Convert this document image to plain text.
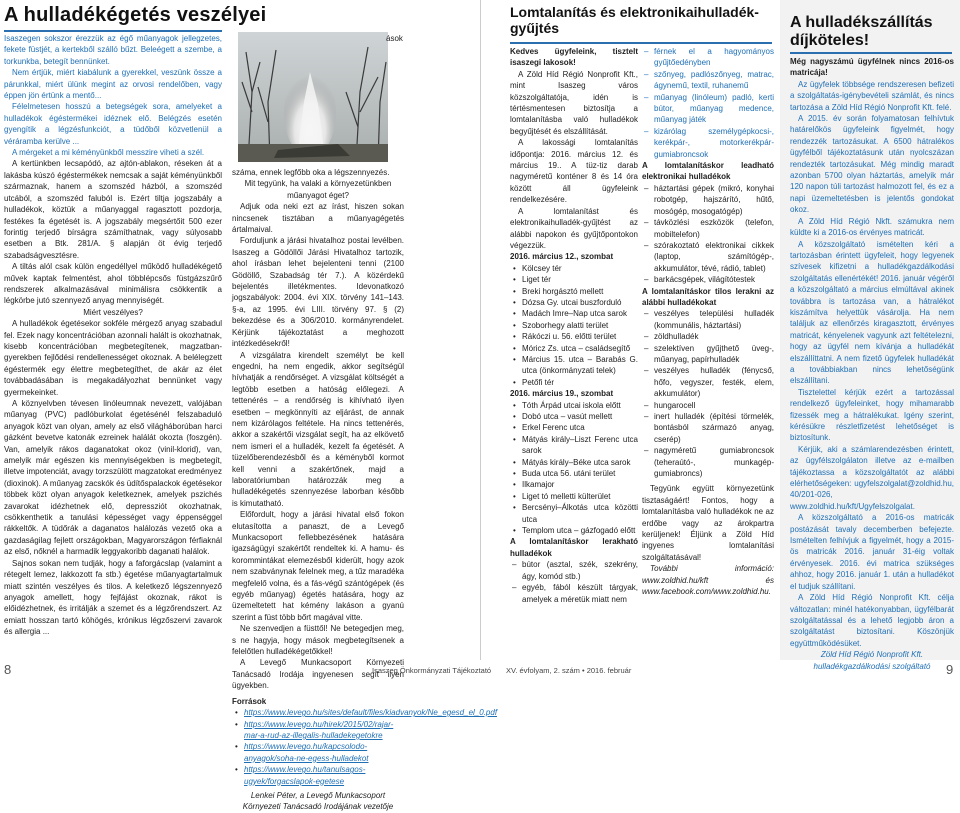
A hulladékégetés veszélyei

Isaszegen sokszor érezzük az égő műanyagok jellegzetes, fekete füstjét, a kertekből szálló bűzt. Beleégett a szembe, a torkunkba, betegít bennünket.

Nem értjük, miért kiabálunk a gyerekkel, veszünk össze a párunkkal, miért ülünk megint az orvosi rendelőben, vagy éppen jön értünk a mentő...

Félelmetesen hosszú a betegségek sora, amelyeket a hulladékok égéstermékei idéznek elő. Belégzés esetén gyengítik a légzésfunkciót, a tüdőből közvetlenül a véráramba kerülve ...

A mérgeket a mi kéményünkből messzire viheti a szél.

A kertünkben lecsapódó, az ajtón-ablakon, réseken át a lakásba kúszó égéstermékek nemcsak a saját kéményünkből származnak, hanem a szomszéd házból, a szomszéd utcából, a szomszéd faluból is. Ezért tiltja jogszabály a hulladékok, köztük a műanyaggal ragasztott pozdorja, festékes fa égetését is. A jogszabály megsértőit 500 ezer forintig terjedő bírságra számíthatnak, vagy súlyosabb esetben a Btk. 281/A. § alapján öt évig terjedő szabadságvesztésre.

A tiltás alól csak külön engedéllyel működő hulladékégető művek kaptak felmentést, ahol többlépcsős füstgázszűrő rendszerek alkalmazásával minimálisra csökkentik a légkörbe jutó szennyező anyag mennyiségét.

Miért veszélyes?

A hulladékok égetésekor sokféle mérgező anyag szabadul fel. Ezek nagy koncentrációban azonnali halált is okozhatnak, kisebb koncentrációban megbetegítenek, magzatban-gyerekben fejlődési rendellenességet okoznak. A belélegzett égéstermék egy élettre megbetegíthet, de akár az élet továbbadásában is megakadályozhat bennünket vagy gyermekeinket.

A köznyelvben tévesen linóleumnak nevezett, valójában műanyag (PVC) padlóburkolat égetésénél felszabaduló anyagok közt van olyan, amely az első világháborúban harci gázként bevetve katonák ezreinek halálát okozta (foszgén). Van, amelyik rákos daganatokat okoz (vinil-klorid), van, amelyik már egészen kis mennyiségekben is megbetegít, illetve impotenciát, avagy torzszülött magzatokat eredményez (dioxinok). A műanyag zacskók és üdítőspalackok égetésekor többek közt olyan anyagok keletkeznek, amelyek pszichés zavarokat idézhetnek elő, depressziót okozhatnak, csökkenthetik a tanulási képességet vagy éppenséggel rákkeltők. A tüdőrák a daganatos halálozás vezető oka a gazdaságilag fejlett országokban, Magyarországon férfiaknál az első, nőknél a harmadik leggyakoribb daganati halálok.

Sajnos sokan nem tudják, hogy a faforgácslap (valamint a rétegelt lemez, lakkozott fa stb.) égetése műanyagtartalmuk miatt szintén veszélyes és tilos. A keletkező légszennyező anyagok amellett, hogy fejfájást okoznak, rákot is előidézhetnek, és irritálják a szemet és a légzőrendszert. Az emiatt hosszan tartó köhögés, krónikus légzőszervi zavarok és allergia ...

ások száma, ennek legfőbb oka a légszennyezés.

Mit tegyünk, ha valaki a környezetünkben műanyagot éget?

Adjuk oda neki ezt az írást, hiszen sokan nincsenek tisztában a műanyagégetés ártalmaival.

Forduljunk a járási hivatalhoz postai levélben. Isaszeg a Gödöllői Járási Hivatalhoz tartozik, ahol írásban lehet bejelenteni tenni (2100 Gödöllő, Szabadság tér 7.). A közérdekű bejelentés illetékmentes. Idevonatkozó jogszabályok: 2004. évi XIX. törvény 141–143. §-a, az 1995. évi LIII. törvény 97. § (2) bekezdése és a 306/2010. kormányrendelet. Kérjünk tájékoztatást a meghozott intézkedésekről!

A vizsgálatra kirendelt személyt be kell engedni, ha nem engedik, akkor segítségül hívhatják a rendőrséget. A vizsgálat költségét a legtöbb esetben a hatóság előlegezi. A tettenérés – a rendőrség is kihívható ilyen esetben – megkönnyíti az eljárást, de annak nem kizárólagos feltétele. Ha nincs tettenérés, akkor a szakértői vizsgálat segít, ha az elkövető nem ismeri el a hulladék, kezelt fa égetését. A tüzelőberendezésből és a kéményből kormot kell venni a szakértőnek, majd a laboratóriumban határozzák meg a hulladékégetés szennyezése laborban később is kimutatható.

Előfordult, hogy a járási hivatal első fokon elutasította a panaszt, de a Levegő Munkacsoport fellebbezésének hatására igazságügyi szakértőt rendeltek ki. A hamu- és korommintákat elemezésből kiderült, hogy azok nem szabványnak felelnek meg, a tűz maradéka megfelelő volna, és a fás-végű szántógépek (és egyéb műanyag) égetés hatására, hogy az üzemeltetett hat kémény lakáson a gyanú szerint a füst több bőrt magával vitte.

Ne szenvedjen a füsttől! Ne betegedjen meg, s ne hagyja, hogy mások megbetegítsenek a felelőtlen hulladékégetőkkel!

A Levegő Munkacsoport Környezeti Tanácsadó Irodája ingyenesen segít ilyen ügyekben.

Források

• https://www.levego.hu/sites/default/files/kiadvanyok/Ne_egesd_el_0.pdf
• https://www.levego.hu/hirek/2015/02/rajar-mar-a-rud-az-illegalis-hulladekegetokre
• https://www.levego.hu/kapcsolodo-anyagok/soha-ne-egess-hulladekot
• https://www.levego.hu/tanulsagos-ugyek/forgacslapok-egetese

Lenkei Péter, a Levegő Munkacsoport Környezeti Tanácsadó Irodájának vezetője

8	Isaszeg Önkormányzati Tájékoztató
Lomtalanítás és elektronikaihulladék-gyűjtés

Kedves ügyfeleink, tisztelt isaszegi lakosok!

A Zöld Híd Régió Nonprofit Kft., mint Isaszeg város közszolgáltatója, idén is tértésmentesen biztosítja a lomtalanításba való hulladékok begyűjtését és elszállítását.

A lakossági lomtalanítás időpontja: 2016. március 12. és március 19.. A tüz-tiz darab nagyméretű konténer 8 és 14 óra között áll ügyfeleink rendelkezésére.

A lomtalanítást és elektronikaihulladék-gyűjtést az alábbi napokon és gyűjtőpontokon végezzük.

2016. március 12., szombat

• Kölcsey tér
• Liget tér
• Breki horgásztó mellett
• Dózsa Gy. utcai buszforduló
• Madách Imre–Nap utca sarok
• Szoborhegy alatti terület
• Rákóczi u. 56. előtti terület
• Móricz Zs. utca – családsegítő
• Március 15. utca – Barabás G. utca (önkormányzati telek)
• Petőfi tér

2016. március 19., szombat

• Tóth Árpád utcai iskola előtt
• Dobó utca – vasút mellett
• Erkel Ferenc utca
• Mátyás király–Liszt Ferenc utca sarok
• Mátyás király–Béke utca sarok
• Buda utca 56. utáni terület
• Ilkamajor
• Liget tó melletti külterület
• Bercsényi–Álkotás utca közötti utca
• Templom utca – gázfogadó előtt

A lomtalanításkor lerakható hulladékok

– bútor (asztal, szék, szekrény, ágy, komód stb.)
– egyéb, fából készült tárgyak, amelyek a méretük miatt nem
– férnek el a hagyományos gyűjtőedényben
– szőnyeg, padlószőnyeg, matrac, ágynemű, textil, ruhanemű
– műanyag (linóleum) padló, kerti bútor, műanyag medence, műanyag játék
– kizárólag személygépkocsi-, kerékpár-, motorkerékpár-gumiabroncsok

A lomtalanításkor leadható elektronikai hulladékok

– háztartási gépek (mikró, konyhai robotgép, hajszárító, hűtő, mosógép, mosogatógép)
– távközlési eszközök (telefon, mobiltelefon)
– szórakoztató elektronikai cikkek (laptop, számítógép-, akkumulátor, tévé, rádió, tablet)
– barkácsgépek, világítótestek

A lomtalanításkor tilos lerakni az alábbi hulladékokat

– veszélyes települési hulladék (kommunális, háztartási)
– zöldhulladék
– szelektíven gyűjthető üveg-, műanyag, papírhulladék
– veszélyes hulladék (fénycső, hőfo, vegyszer, festék, elem, akkumulátor)
– hungarocell
– inert hulladék (építési törmelék, bontásból származó anyag, cserép)
– nagyméretű gumiabroncsok (teheraútó-, munkagép-gumiabroncs)

Tegyünk együtt környezetünk tisztaságáért! Fontos, hogy a lomtalanításba való hulladékok ne az erdőbe vagy az árokpartra kerüljenek! Éljünk a Zöld Híd ingyenes lomtalanítási szolgáltatásával!

További információ: www.zoldhid.hu/kft és www.facebook.com/www.zoldhid.hu.

A hulladékszállítás díjköteles!

Még nagyszámú ügyfélnek nincs 2016-os matricája!

Az ügyfelek többsége rendszeresen befizeti a szolgáltatás-igénybevételi számlát, és nincs tartozása a Zöld Híd Régió Nonprofit Kft. felé.

A 2015. év során folyamatosan felhívtuk határelőkös ügyfeleink figyelmét, hogy rendezzék tartozásukat. A 6500 hátralékos ügyfélből tájékoztatásunk után nyolcszázan rendezték tartozásukat. Még mindig maradt azonban 5700 olyan háztartás, amelyik már 120 napon túli tartozást halmozott fel, és ez a napi üzemeltetésben is jelentős gondokat okoz.

A Zöld Híd Régió Nkft. számukra nem küldte ki a 2016-os érvényes matricát.

A közszolgáltató ismételten kéri a tartozásban érintett ügyfeleit, hogy legyenek szívesek kifizetni a hulladékgazdálkodási szolgáltatás ellenértékét! 2016. január végéről a közszolgáltató a március elmúltával akinek továbbra is tartozása van, a hátralékot kiszámítva helyettük vásárolja. Ha nem találjuk az ellenőrzés kiragasztott, érvényes matricát, kényelenek vagyunk azt feltételezni, hogy az ügyfél nem kívánja a hulladékát elszállíttatni. A nem fizető ügyfelek hulladékát a továbbiakban nincs lehetőségünk elszállítani.

Tisztelettel kérjük ezért a tartozással rendelkező ügyfeleinket, hogy mihamarabb fizessék meg a hátralékukat. Igény szerint, kérésükre részletfizetést lehetőséget is biztosítunk.

Kérjük, aki a számlarendezésben érintett, az ügyfélszolgálaton illetve az e-mailben tájékoztassa a közszolgáltatót az alábbi elérhetőségeken: ugyfelszolgalat@zoldhid.hu, 40/201-026, www.zoldhid.hu/kft/Ugyfelszolgalat.

A közszolgáltató a 2016-os matricák postázását tavaly decemberben befejezte. Ismételten felhívjuk a figyelmét, hogy a 2015-ös matricák 2016. január 31-éig voltak érvényesek. 2016. évi matrica szükséges ahhoz, hogy 2016. január 1. után a hulladékot el tudjuk szállítani.

A Zöld Híd Régió Nonprofit Kft. célja változatlan: minél hatékonyabban, ügyfélbarát szolgáltatással és a lehető legjobb áron a szolgáltatást biztosítani. Köszönjük együttműködésüket.

Zöld Híd Régió Nonprofit Kft. hulladékgazdálkodási szolgáltató

XV. évfolyam, 2. szám • 2016. február	9
